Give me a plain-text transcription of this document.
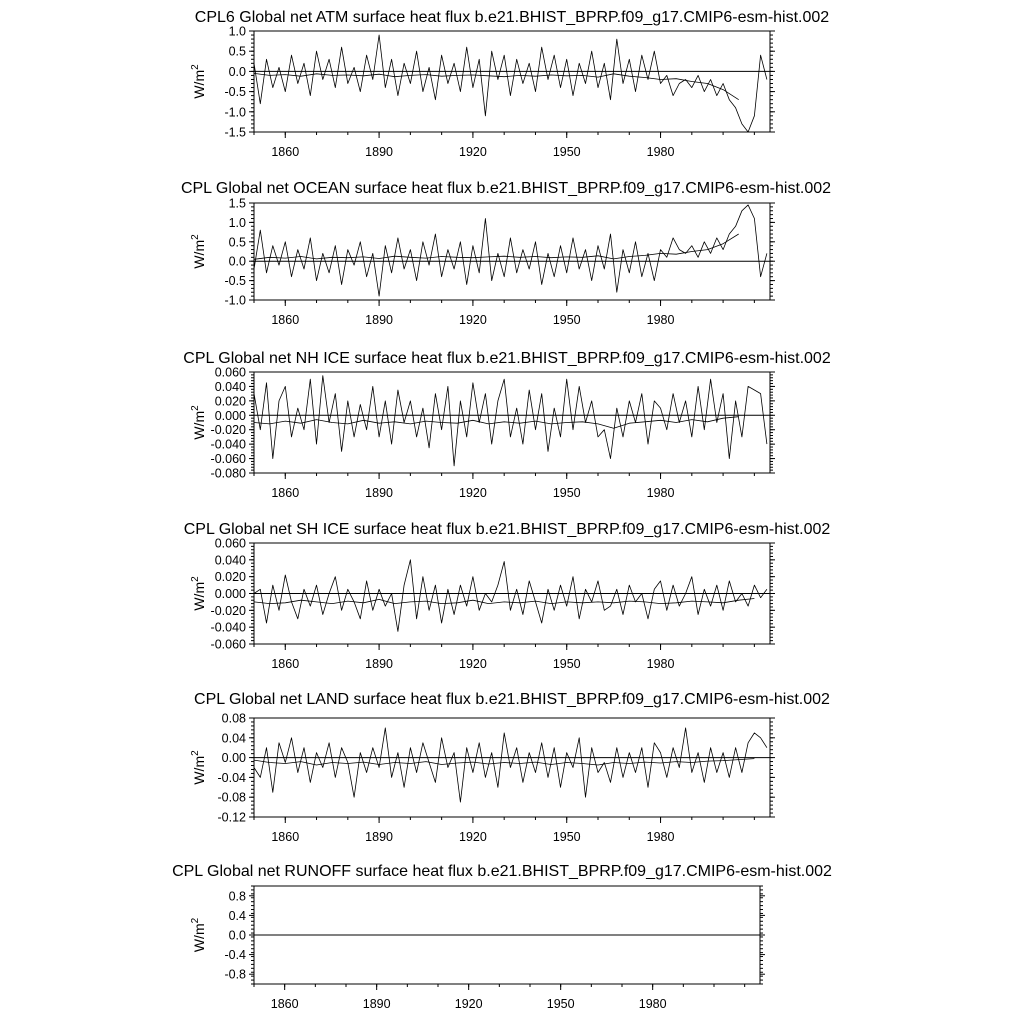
CPL6 Global net ATM surface heat flux b.e21.BHIST_BPRP.f09_g17.CMIP6-esm-hist.002
1.0
0.5
0.0
-0.5
-1.0
-1.5
1860	1890	1920	1950	1980
$W/m^2$
CPL Global net OCEAN surface heat flux b.e21.BHIST_BPRP.f09_g17.CMIP6-esm-hist.002
1.5
1.0
0.5
0.0
-0.5
-1.0
1860	1890	1920	1950	1980
$W/m^2$
CPL Global net NH ICE surface heat flux b.e21.BHIST_BPRP.f09_g17.CMIP6-esm-hist.002
0.060
0.040
0.020
0.000
-0.020
-0.040
-0.060
-0.080
1860	1890	1920	1950	1980
$W/m^2$
CPL Global net SH ICE surface heat flux b.e21.BHIST_BPRP.f09_g17.CMIP6-esm-hist.002
0.060
0.040
0.020
0.000
-0.020
-0.040
-0.060
1860	1890	1920	1950	1980
$W/m^2$
CPL Global net LAND surface heat flux b.e21.BHIST_BPRP.f09_g17.CMIP6-esm-hist.002
0.08
0.04
0.00
-0.04
-0.08
-0.12
1860	1890	1920	1950	1980
$W/m^2$
CPL Global net RUNOFF surface heat flux b.e21.BHIST_BPRP.f09_g17.CMIP6-esm-hist.002
0.8
0.4
0.0
-0.4
-0.8
1860	1890	1920	1950	1980
$W/m^2$
